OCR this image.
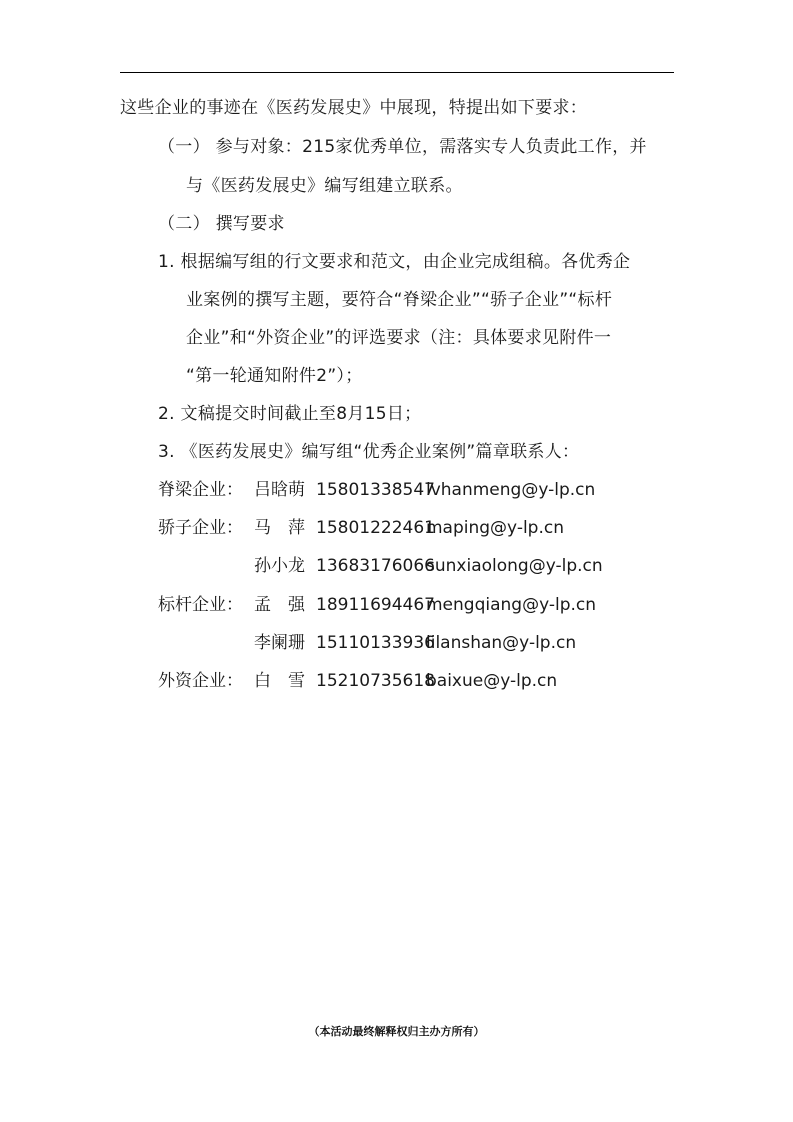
这些企业的事迹在《医药发展史》中展现，特提出如下要求：
（一） 参与对象：215家优秀单位，需落实专人负责此工作，并
与《医药发展史》编写组建立联系。
（二） 撰写要求
1. 根据编写组的行文要求和范文，由企业完成组稿。各优秀企
业案例的撰写主题，要符合“脊梁企业”“骄子企业”“标杆
企业”和“外资企业”的评选要求（注：具体要求见附件一
“第一轮通知附件2”）；
2. 文稿提交时间截止至8月15日；
3. 《医药发展史》编写组“优秀企业案例”篇章联系人：
脊梁企业： 吕晗萌 15801338547
lvhanmeng@y-lp.cn
骄子企业： 马　萍 15801222461
maping@y-lp.cn
孙小龙 13683176066
sunxiaolong@y-lp.cn
标杆企业： 孟　强 18911694467
mengqiang@y-lp.cn
李阑珊 15110133936
lilanshan@y-lp.cn
外资企业： 白　雪 15210735618
baixue@y-lp.cn
（本活动最终解释权归主办方所有）
